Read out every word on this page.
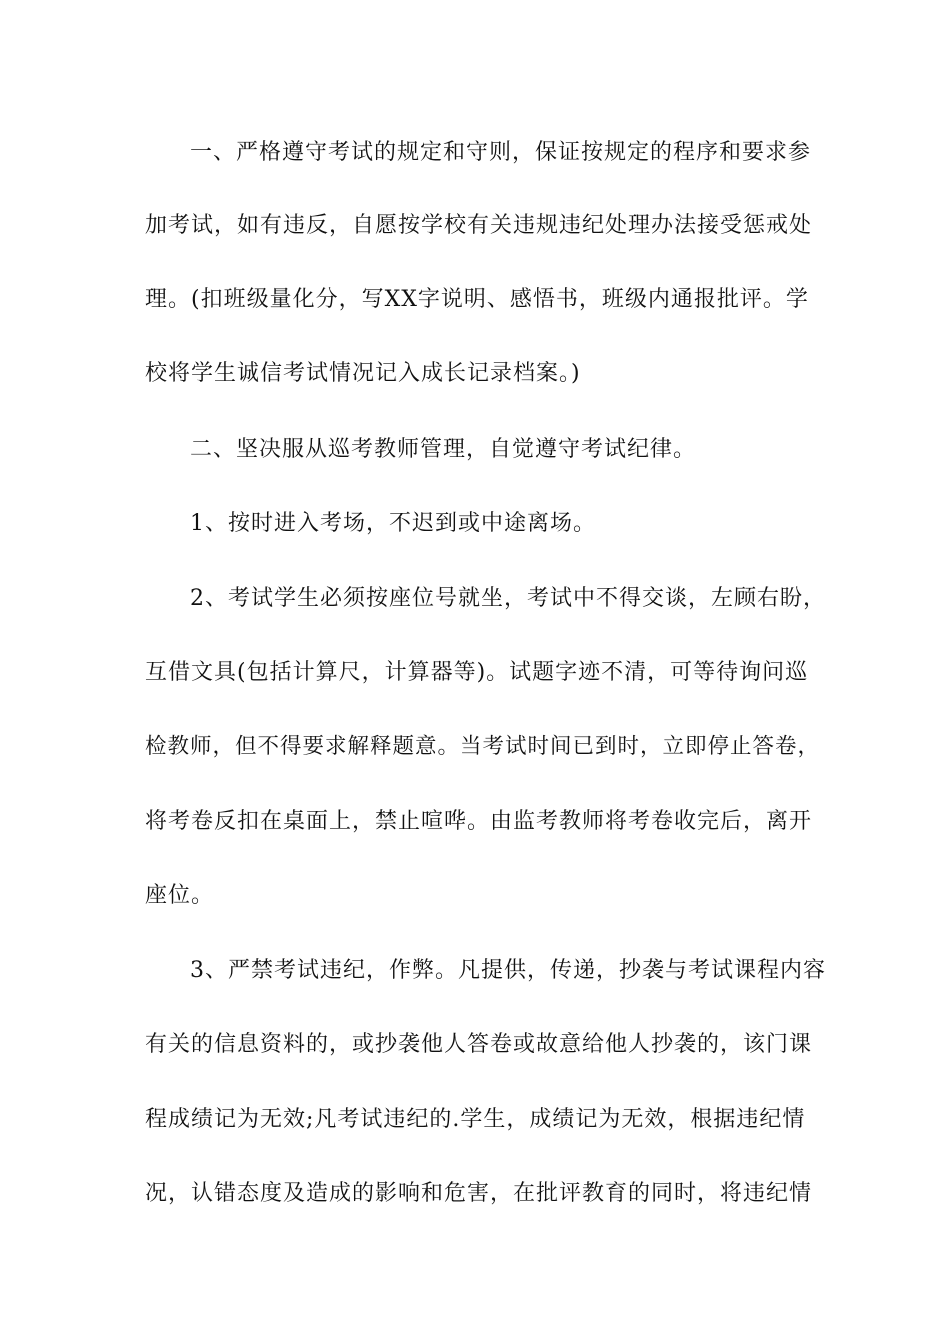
一、严格遵守考试的规定和守则，保证按规定的程序和要求参
加考试，如有违反，自愿按学校有关违规违纪处理办法接受惩戒处
理。(扣班级量化分，写XX字说明、感悟书，班级内通报批评。学
校将学生诚信考试情况记入成长记录档案。)
二、坚决服从巡考教师管理，自觉遵守考试纪律。
1、按时进入考场，不迟到或中途离场。
2、考试学生必须按座位号就坐，考试中不得交谈，左顾右盼，
互借文具(包括计算尺，计算器等)。试题字迹不清，可等待询问巡
检教师，但不得要求解释题意。当考试时间已到时，立即停止答卷，
将考卷反扣在桌面上，禁止喧哗。由监考教师将考卷收完后，离开
座位。
3、严禁考试违纪，作弊。凡提供，传递，抄袭与考试课程内容
有关的信息资料的，或抄袭他人答卷或故意给他人抄袭的，该门课
程成绩记为无效;凡考试违纪的.学生，成绩记为无效，根据违纪情
况，认错态度及造成的影响和危害，在批评教育的同时，将违纪情
